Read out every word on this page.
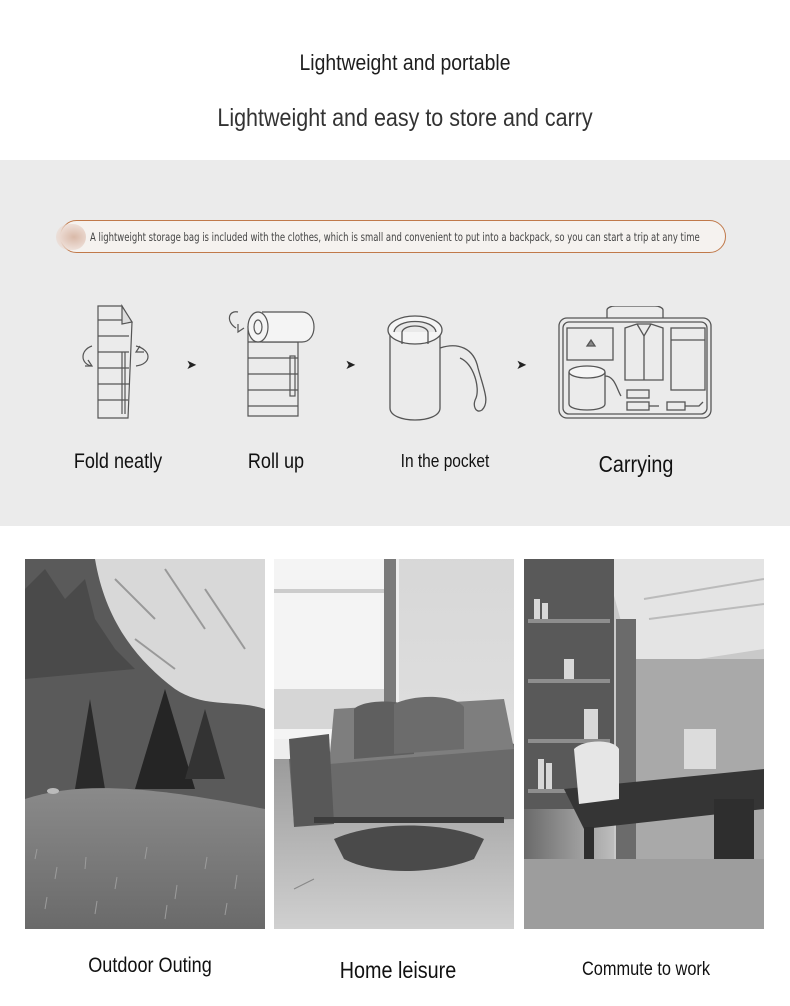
Lightweight and portable
Lightweight and easy to store and carry
A lightweight storage bag is included with the clothes, which is small and convenient to put into a backpack, so you can start a trip at any time
➤	➤	➤
Fold neatly	Roll up	In the pocket	Carrying
Outdoor Outing	Home leisure	Commute to work
